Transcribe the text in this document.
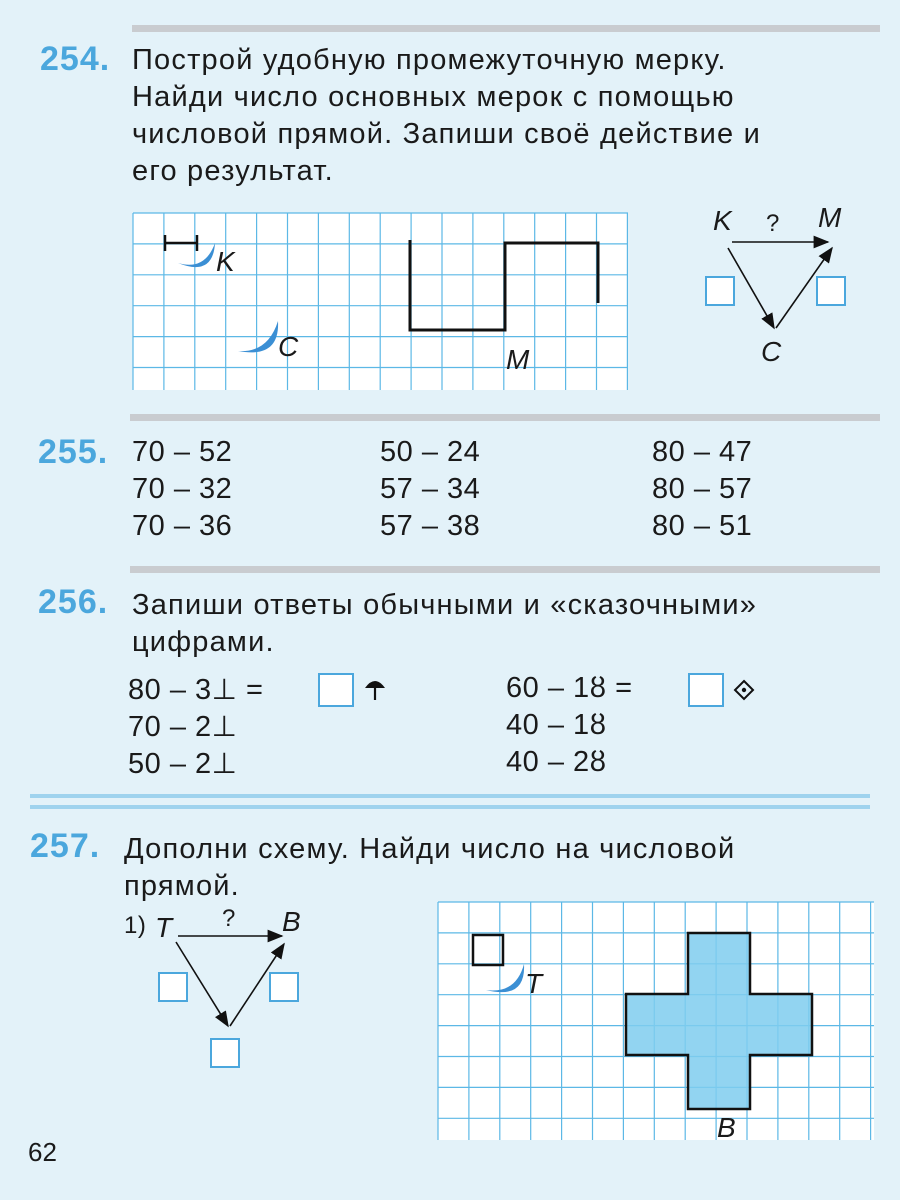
254. Построй удобную промежуточную мерку.
Найди число основных мерок с помощью
числовой прямой. Запиши своё действие и
его результат.
K
C	M
K ? M
C
255. 70 – 52
70 – 32
70 – 36
50 – 24
57 – 34
57 – 38
80 – 47
80 – 57
80 – 51
256. Запиши ответы обычными и «сказочными»
цифрами.
80 – 3⊥ =
70 – 2⊥
50 – 2⊥
60 – 1ȣ =
40 – 1ȣ
40 – 2ȣ
257. Дополни схему. Найди число на числовой
прямой.
1) T ? B
T
B
62
